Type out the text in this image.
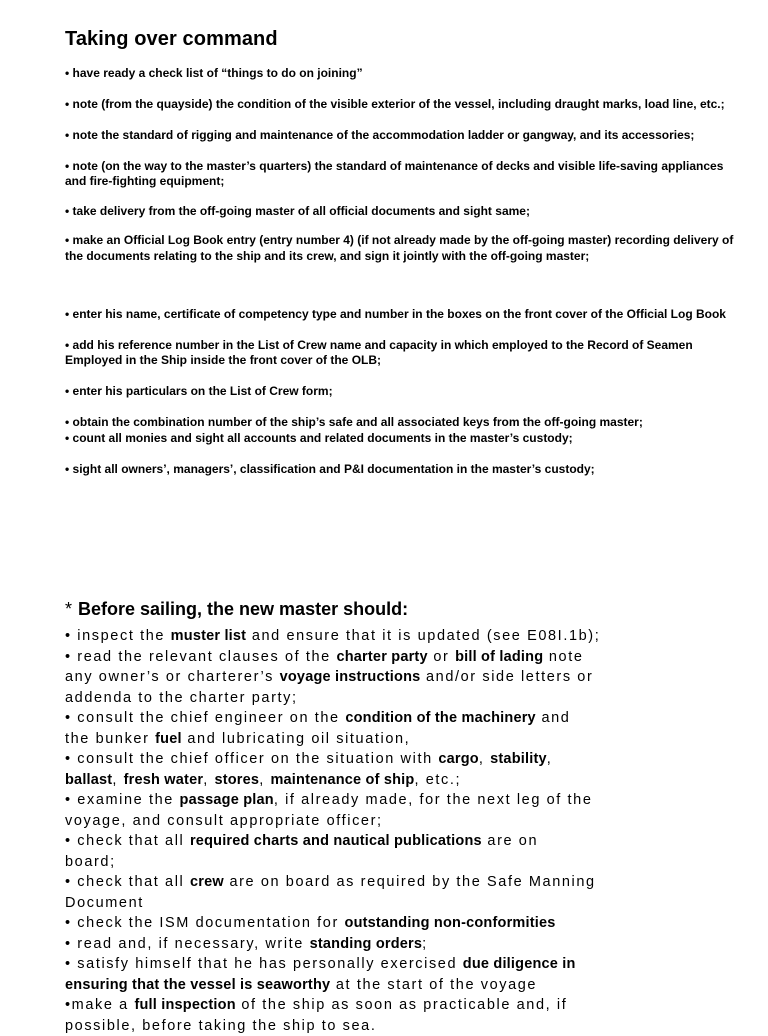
Taking over command

• have ready a check list of “things to do on joining”

• note (from the quayside) the condition of the visible exterior of the vessel, including draught marks, load line, etc.;

• note the standard of rigging and maintenance of the accommodation ladder or gangway, and its accessories;

• note (on the way to the master’s quarters) the standard of maintenance of decks and visible life-saving appliances and fire-fighting equipment;

• take delivery from the off-going master of all official documents and sight same;

• make an Official Log Book entry (entry number 4) (if not already made by the off-going master) recording delivery of the documents relating to the ship and its crew, and sign it jointly with the off-going master;

• enter his name, certificate of competency type and number in the boxes on the front cover of the Official Log Book

• add his reference number in the List of Crew name and capacity in which employed to the Record of Seamen Employed in the Ship inside the front cover of the OLB;

• enter his particulars on the List of Crew form;

• obtain the combination number of the ship’s safe and all associated keys from the off-going master;

• count all monies and sight all accounts and related documents in the master’s custody;

• sight all owners’, managers’, classification and P&I documentation in the master’s custody;

* Before sailing, the new master should:

• inspect the muster list and ensure that it is updated (see E08I.1b);

• read the relevant clauses of the charter party or bill of lading note

any owner’s or charterer’s voyage instructions and/or side letters or

addenda to the charter party;

• consult the chief engineer on the condition of the machinery and

the bunker fuel and lubricating oil situation,

• consult the chief officer on the situation with cargo, stability,

ballast, fresh water, stores, maintenance of ship, etc.;

• examine the passage plan, if already made, for the next leg of the

voyage, and consult appropriate officer;

• check that all required charts and nautical publications are on

board;

• check that all crew are on board as required by the Safe Manning

Document

• check the ISM documentation for outstanding non-conformities

• read and, if necessary, write standing orders;

• satisfy himself that he has personally exercised due diligence in

ensuring that the vessel is seaworthy at the start of the voyage

•make a full inspection of the ship as soon as practicable and, if

possible, before taking the ship to sea.
